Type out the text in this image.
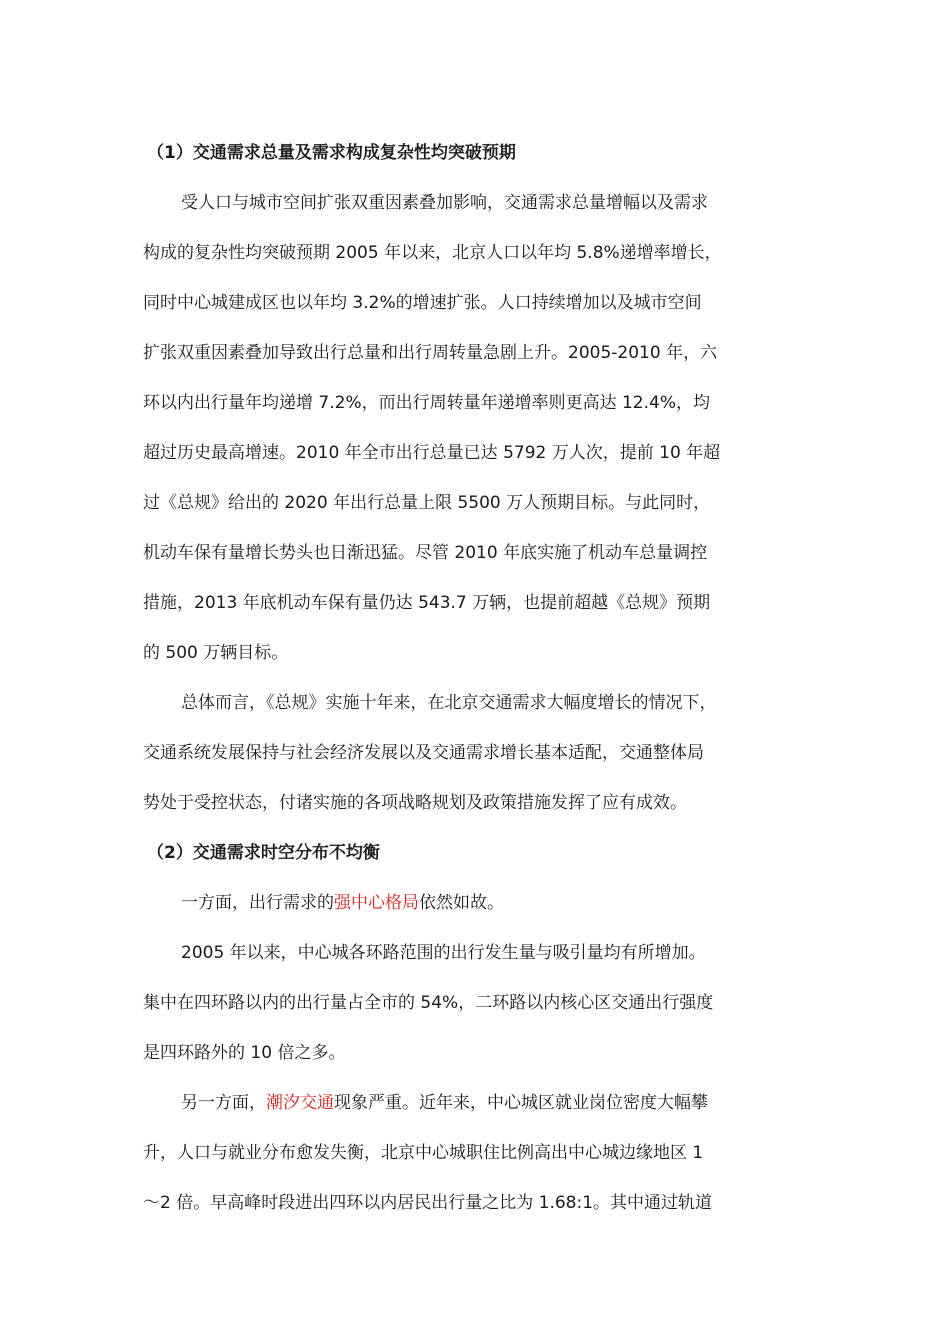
（1）交通需求总量及需求构成复杂性均突破预期
受人口与城市空间扩张双重因素叠加影响，交通需求总量增幅以及需求
构成的复杂性均突破预期 2005 年以来，北京人口以年均 5.8%递增率增长，
同时中心城建成区也以年均 3.2%的增速扩张。人口持续增加以及城市空间
扩张双重因素叠加导致出行总量和出行周转量急剧上升。2005-2010 年，六
环以内出行量年均递增 7.2%，而出行周转量年递增率则更高达 12.4%，均
超过历史最高增速。2010 年全市出行总量已达 5792 万人次，提前 10 年超
过《总规》给出的 2020 年出行总量上限 5500 万人预期目标。与此同时，
机动车保有量增长势头也日渐迅猛。尽管 2010 年底实施了机动车总量调控
措施，2013 年底机动车保有量仍达 543.7 万辆，也提前超越《总规》预期
的 500 万辆目标。
总体而言，《总规》实施十年来，在北京交通需求大幅度增长的情况下，
交通系统发展保持与社会经济发展以及交通需求增长基本适配，交通整体局
势处于受控状态，付诸实施的各项战略规划及政策措施发挥了应有成效。
（2）交通需求时空分布不均衡
一方面，出行需求的强中心格局依然如故。
2005 年以来，中心城各环路范围的出行发生量与吸引量均有所增加。
集中在四环路以内的出行量占全市的 54%，二环路以内核心区交通出行强度
是四环路外的 10 倍之多。
另一方面，潮汐交通现象严重。近年来，中心城区就业岗位密度大幅攀
升，人口与就业分布愈发失衡，北京中心城职住比例高出中心城边缘地区 1
～2 倍。早高峰时段进出四环以内居民出行量之比为 1.68:1。其中通过轨道
